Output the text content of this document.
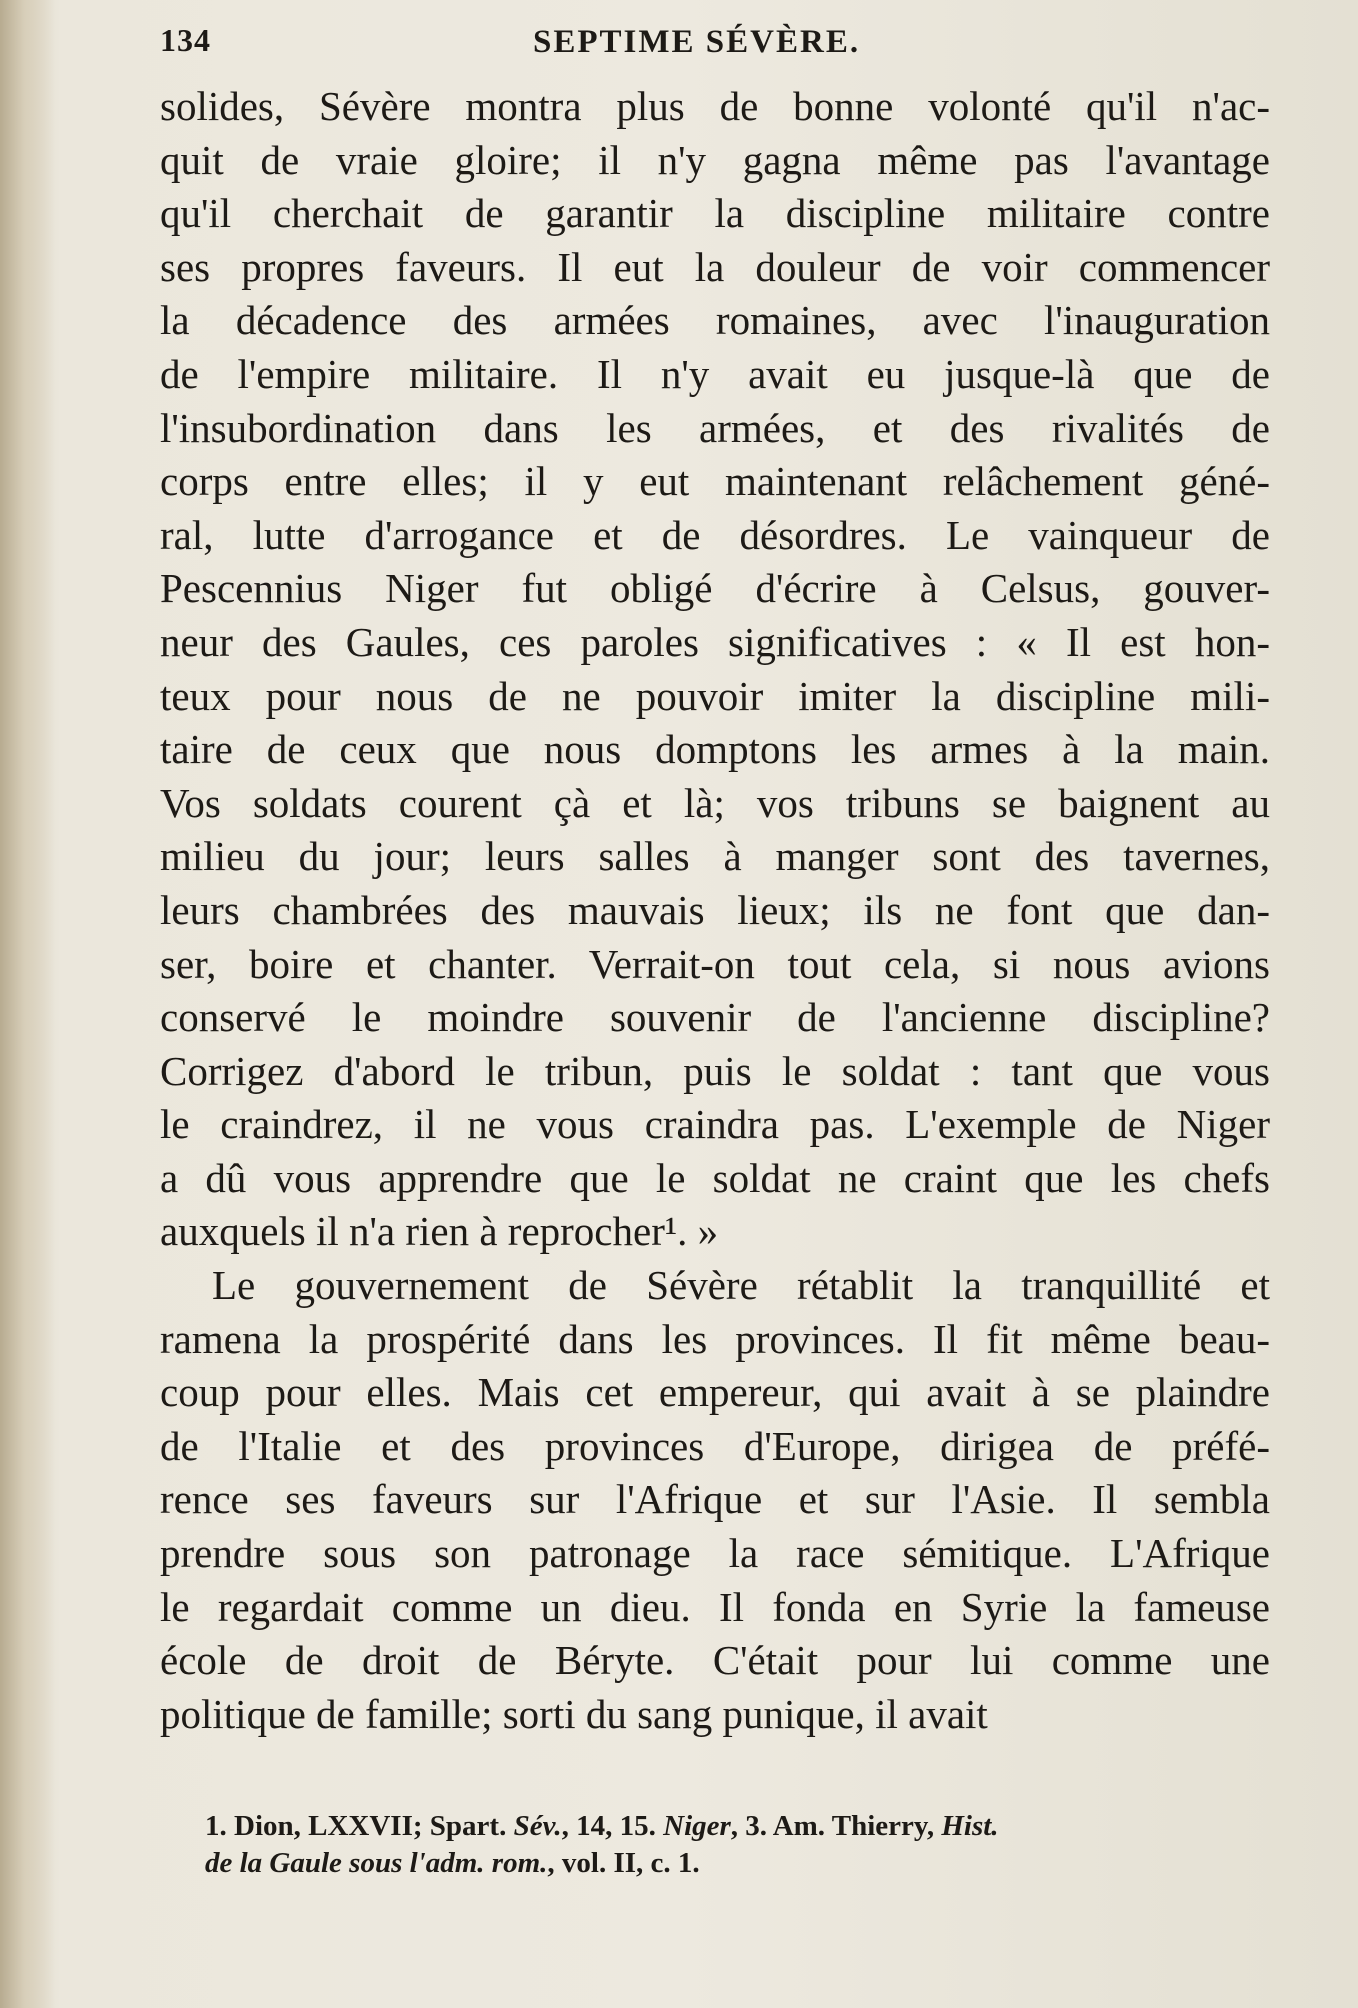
134	SEPTIME SÉVÈRE.
solides, Sévère montra plus de bonne volonté qu'il n'ac-
quit de vraie gloire; il n'y gagna même pas l'avantage
qu'il cherchait de garantir la discipline militaire contre
ses propres faveurs. Il eut la douleur de voir commencer
la décadence des armées romaines, avec l'inauguration
de l'empire militaire. Il n'y avait eu jusque-là que de
l'insubordination dans les armées, et des rivalités de
corps entre elles; il y eut maintenant relâchement géné-
ral, lutte d'arrogance et de désordres. Le vainqueur de
Pescennius Niger fut obligé d'écrire à Celsus, gouver-
neur des Gaules, ces paroles significatives : « Il est hon-
teux pour nous de ne pouvoir imiter la discipline mili-
taire de ceux que nous domptons les armes à la main.
Vos soldats courent çà et là; vos tribuns se baignent au
milieu du jour; leurs salles à manger sont des tavernes,
leurs chambrées des mauvais lieux; ils ne font que dan-
ser, boire et chanter. Verrait-on tout cela, si nous avions
conservé le moindre souvenir de l'ancienne discipline?
Corrigez d'abord le tribun, puis le soldat : tant que vous
le craindrez, il ne vous craindra pas. L'exemple de Niger
a dû vous apprendre que le soldat ne craint que les chefs
auxquels il n'a rien à reprocher¹. »
Le gouvernement de Sévère rétablit la tranquillité et
ramena la prospérité dans les provinces. Il fit même beau-
coup pour elles. Mais cet empereur, qui avait à se plaindre
de l'Italie et des provinces d'Europe, dirigea de préfé-
rence ses faveurs sur l'Afrique et sur l'Asie. Il sembla
prendre sous son patronage la race sémitique. L'Afrique
le regardait comme un dieu. Il fonda en Syrie la fameuse
école de droit de Béryte. C'était pour lui comme une
politique de famille; sorti du sang punique, il avait
1. Dion, LXXVII; Spart. Sév., 14, 15. Niger, 3. Am. Thierry, Hist.
de la Gaule sous l'adm. rom., vol. II, c. 1.
